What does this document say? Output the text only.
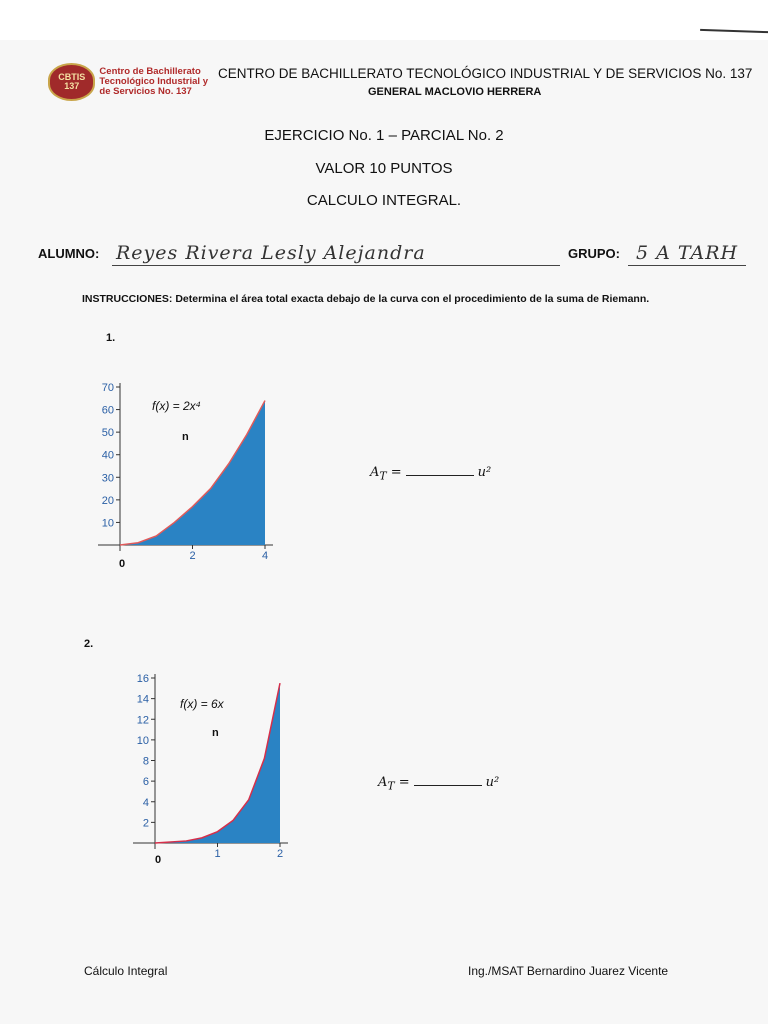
CBTIS
137
Centro de Bachillerato Tecnológico Industrial y de Servicios No. 137
CENTRO DE BACHILLERATO TECNOLÓGICO INDUSTRIAL Y DE SERVICIOS No. 137
GENERAL MACLOVIO HERRERA
EJERCICIO No. 1 – PARCIAL No. 2
VALOR 10 PUNTOS
CALCULO INTEGRAL.
ALUMNO: Reyes Rivera Lesly Alejandra	GRUPO: 5 A TARH
INSTRUCCIONES: Determina el área total exacta debajo de la curva con el procedimiento de la suma de Riemann.
1.
10
20
30
40
50
60
70
2	4
f(x) = 2x⁴
n
0
$A_T$ =	u²
2.
2
4
6
8
10
12
14
16
1	2
f(x) = 6x
n
0
$A_T$ =	u²
Cálculo Integral	Ing./MSAT Bernardino Juarez Vicente
